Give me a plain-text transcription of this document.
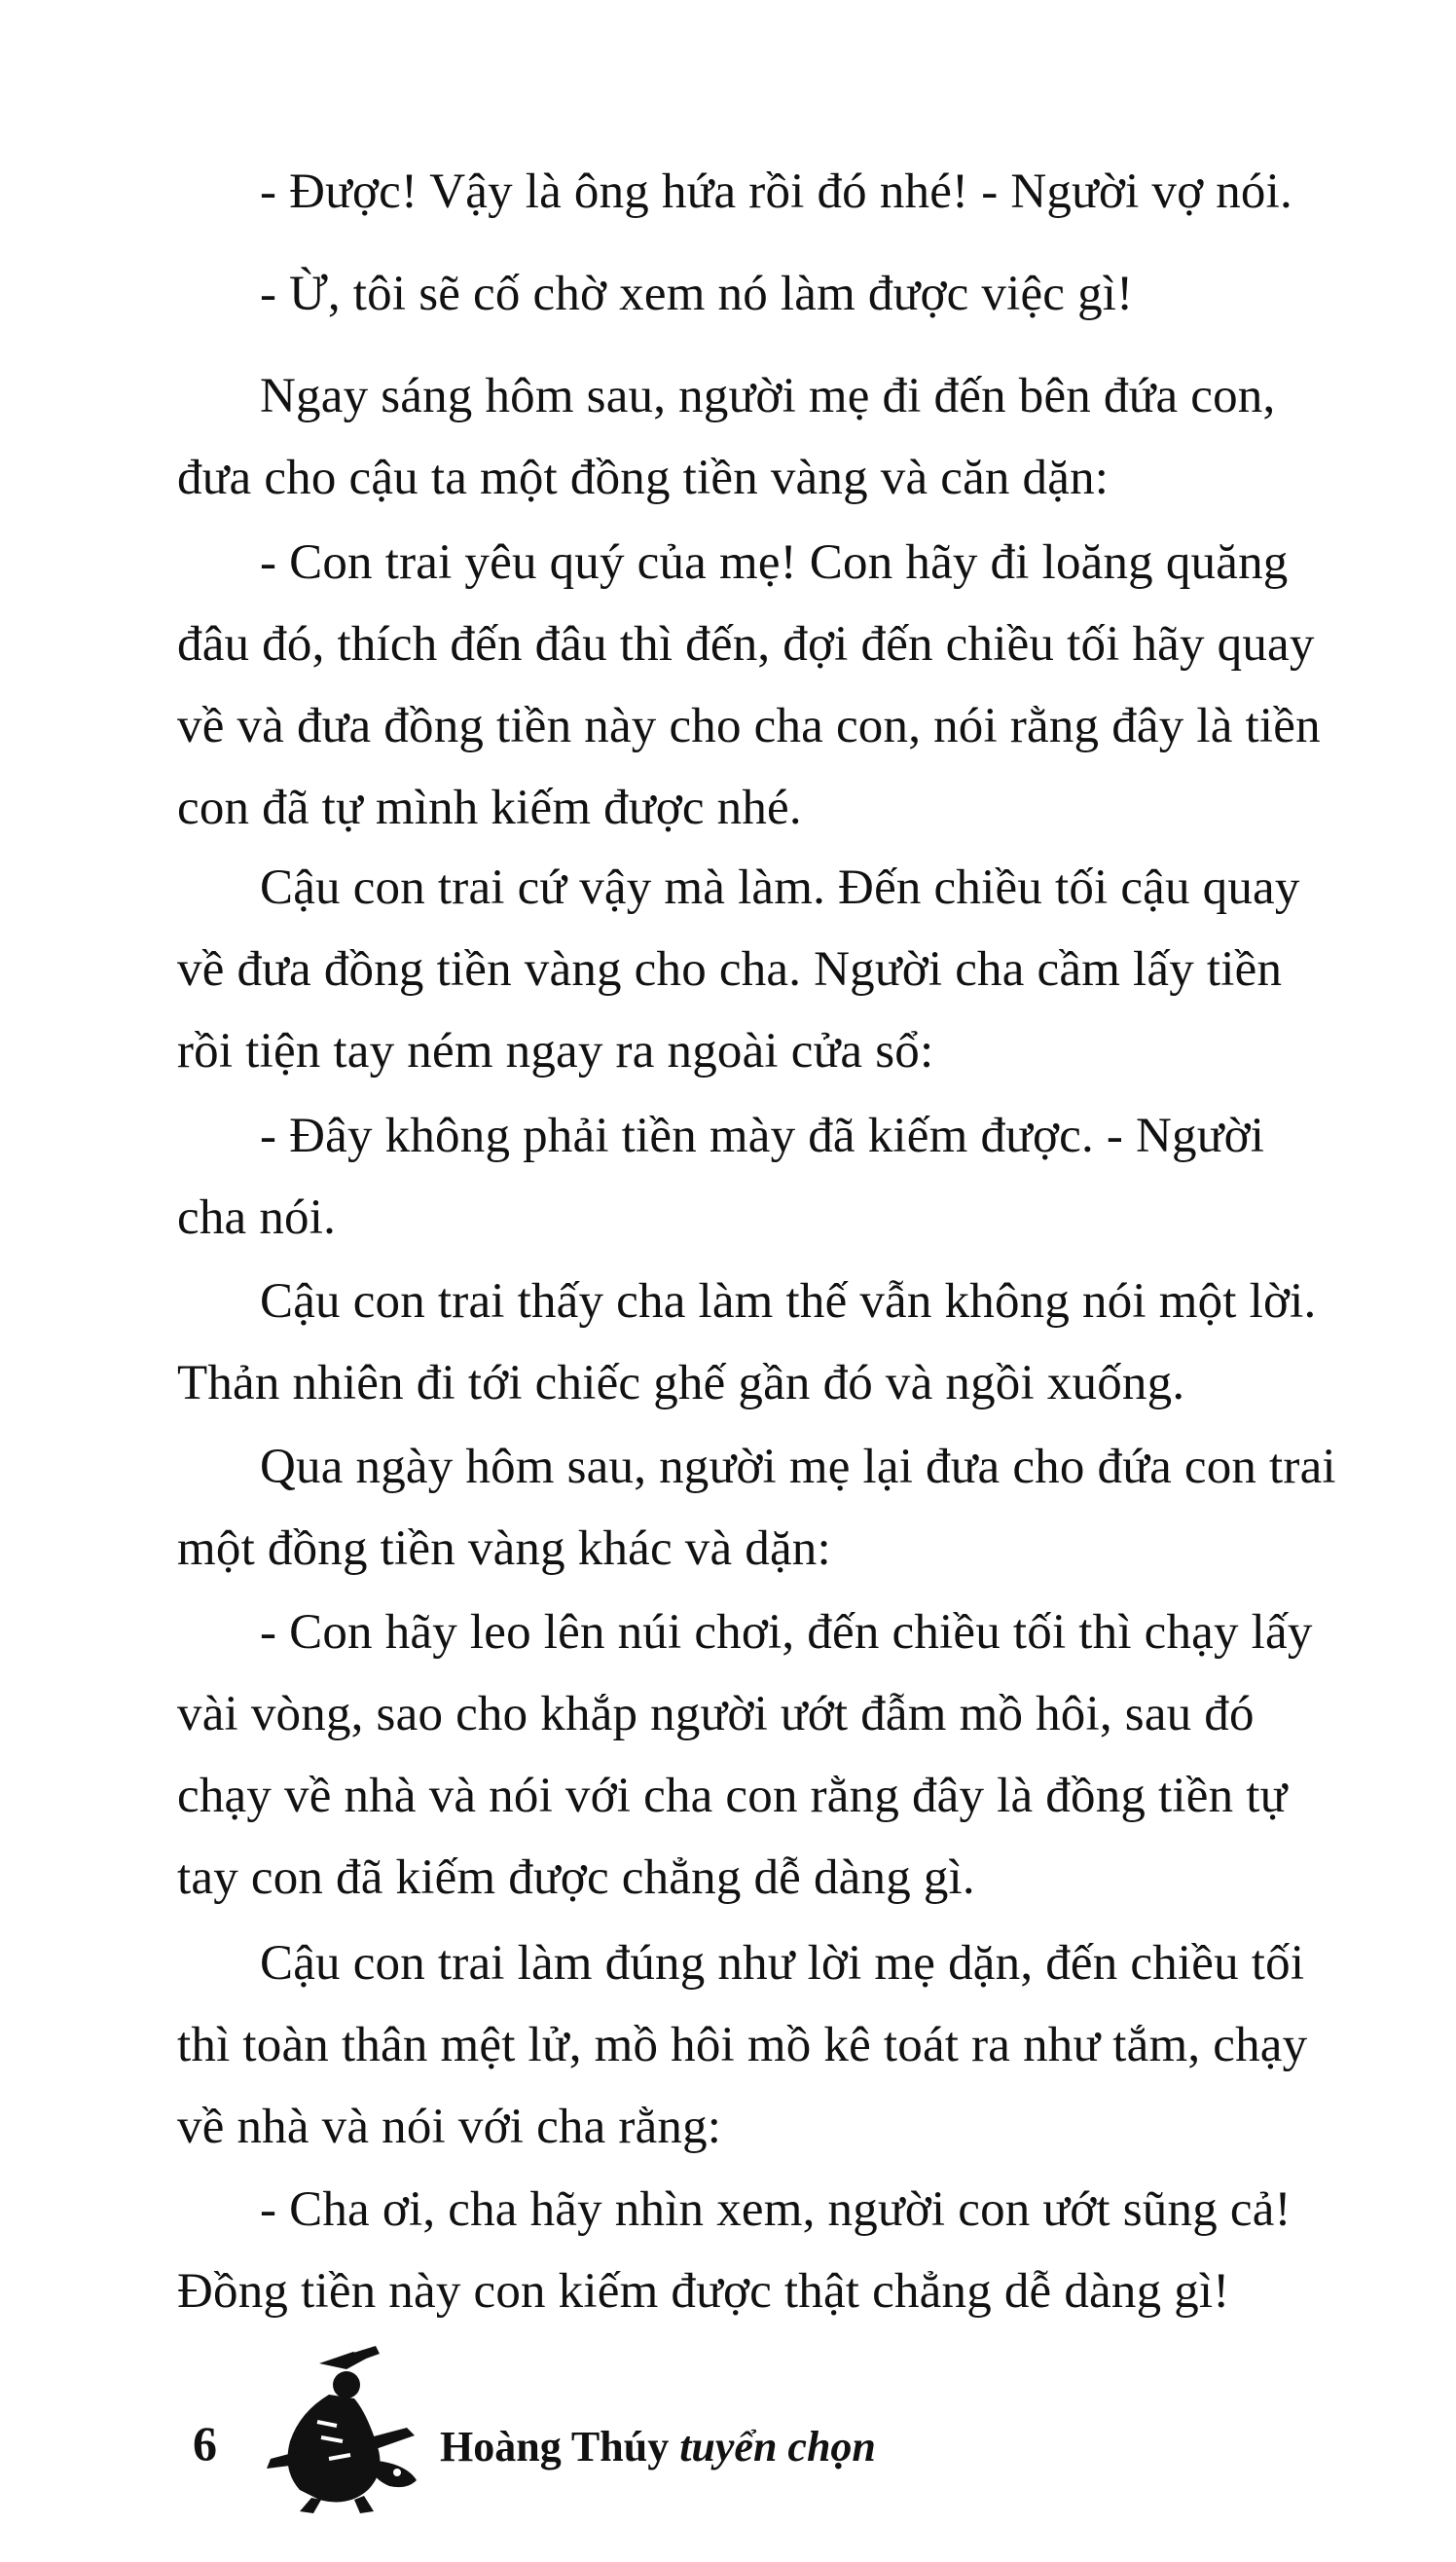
- Được! Vậy là ông hứa rồi đó nhé! - Người vợ nói.
- Ừ, tôi sẽ cố chờ xem nó làm được việc gì!
Ngay sáng hôm sau, người mẹ đi đến bên đứa con,
đưa cho cậu ta một đồng tiền vàng và căn dặn:
- Con trai yêu quý của mẹ! Con hãy đi loăng quăng
đâu đó, thích đến đâu thì đến, đợi đến chiều tối hãy quay
về và đưa đồng tiền này cho cha con, nói rằng đây là tiền
con đã tự mình kiếm được nhé.
Cậu con trai cứ vậy mà làm. Đến chiều tối cậu quay
về đưa đồng tiền vàng cho cha. Người cha cầm lấy tiền
rồi tiện tay ném ngay ra ngoài cửa sổ:
- Đây không phải tiền mày đã kiếm được. - Người
cha nói.
Cậu con trai thấy cha làm thế vẫn không nói một lời.
Thản nhiên đi tới chiếc ghế gần đó và ngồi xuống.
Qua ngày hôm sau, người mẹ lại đưa cho đứa con trai
một đồng tiền vàng khác và dặn:
- Con hãy leo lên núi chơi, đến chiều tối thì chạy lấy
vài vòng, sao cho khắp người ướt đẫm mồ hôi, sau đó
chạy về nhà và nói với cha con rằng đây là đồng tiền tự
tay con đã kiếm được chẳng dễ dàng gì.
Cậu con trai làm đúng như lời mẹ dặn, đến chiều tối
thì toàn thân mệt lử, mồ hôi mồ kê toát ra như tắm, chạy
về nhà và nói với cha rằng:
- Cha ơi, cha hãy nhìn xem, người con ướt sũng cả!
Đồng tiền này con kiếm được thật chẳng dễ dàng gì!
6	Hoàng Thúy tuyển chọn
